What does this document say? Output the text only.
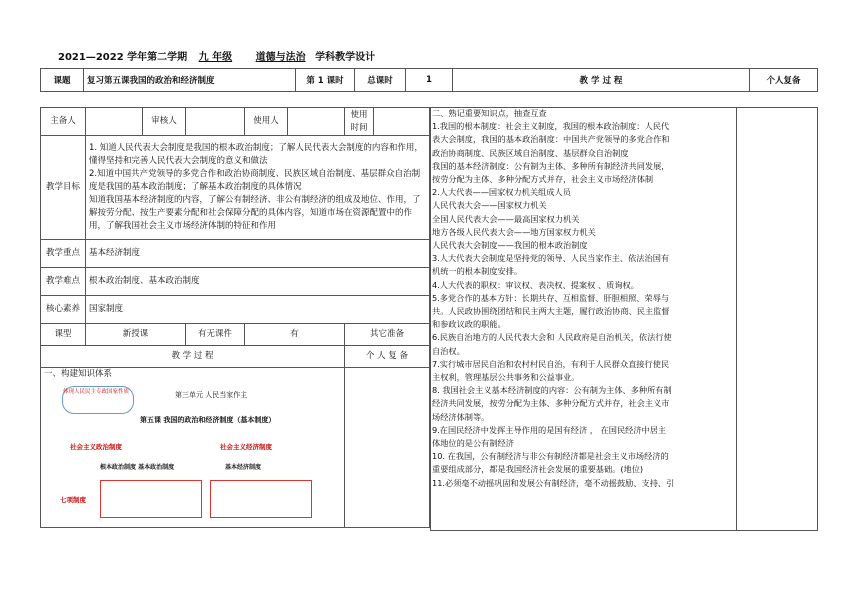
2021—2022 学年第二学期 九 年级 道德与法治 学科教学设计
课题	复习第五课我国的政治和经济制度	第 1 课时	总课时	1	教 学 过 程	个人复备
主备人		审核人		使用人		使用时间	
教学目标	1. 知道人民代表大会制度是我国的根本政治制度；了解人民代表大会制度的内容和作用，懂得坚持和完善人民代表大会制度的意义和做法
2.知道中国共产党领导的多党合作和政治协商制度、民族区域自治制度、基层群众自治制度是我国的基本政治制度；了解基本政治制度的具体情况
知道我国基本经济制度的内容，了解公有制经济、非公有制经济的组成及地位、作用，了解按劳分配、按生产要素分配和社会保障分配的具体内容，知道市场在资源配置中的作用，了解我国社会主义市场经济体制的特征和作用						

教学重点	基本经济制度						
教学难点	根本政治制度、基本政治制度						
核心素养	国家制度						
课型	新授课		有无课件	有		其它准备	
教 学 过 程						个 人 复 备	

一、构建知识体系							

体现人民民主专政国家性质	第三单元 人民当家作主
第五课 我国的政治和经济制度（基本制度）
社会主义政治制度	社会主义经济制度
根本政治制度 基本政治制度	基本经济制度
七项制度
二、熟记重要知识点，抽查互查
1.我国的根本制度：社会主义制度，我国的根本政治制度：人民代
表大会制度，我国的基本政治制度：中国共产党领导的多党合作和
政治协商制度、民族区域自治制度、基层群众自治制度
我国的基本经济制度：公有制为主体、多种所有制经济共同发展，
按劳分配为主体、多种分配方式并存，社会主义市场经济体制
2.人大代表——国家权力机关组成人员
人民代表大会——国家权力机关
全国人民代表大会——最高国家权力机关
地方各级人民代表大会——地方国家权力机关
人民代表大会制度——我国的根本政治制度
3.人大代表大会制度是坚持党的领导、人民当家作主、依法治国有
机统一的根本制度安排。
4.人大代表的职权：审议权、表决权、提案权 、质询权。
5.多党合作的基本方针：长期共存、互相监督、肝胆相照、荣辱与
共。人民政协围绕团结和民主两大主题，履行政治协商、民主监督
和参政议政的职能。
6.民族自治地方的人民代表大会和 人民政府是自治机关，依法行使
自治权。
7.实行城市居民自治和农村村民自治，有利于人民群众直接行使民
主权利，管理基层公共事务和公益事业。
8. 我国社会主义基本经济制度的内容：公有制为主体、多种所有制
经济共同发展，按劳分配为主体、多种分配方式并存，社会主义市
场经济体制等。
9.在国民经济中发挥主导作用的是国有经济 ， 在国民经济中居主
体地位的是公有制经济
10. 在我国，公有制经济与非公有制经济都是社会主义市场经济的
重要组成部分，都是我国经济社会发展的重要基础。(地位)
11.必须毫不动摇巩固和发展公有制经济，毫不动摇鼓励、支持、引
